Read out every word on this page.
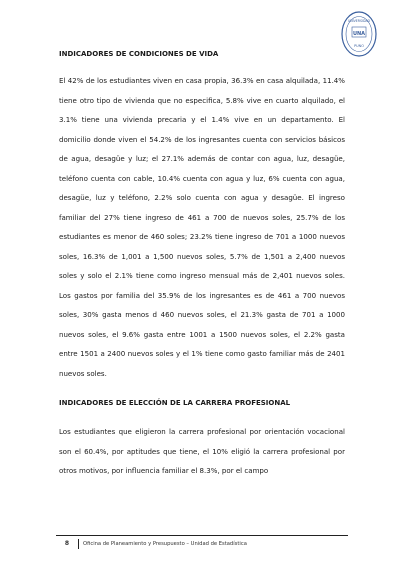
UNIVERSIDAD
UNA
PUNO

INDICADORES DE CONDICIONES DE VIDA

El 42% de los estudiantes viven en casa propia, 36.3% en casa alquilada, 11.4% tiene otro tipo de vivienda que no especifica, 5.8% vive en cuarto alquilado, el 3.1% tiene una vivienda precaria y el 1.4% vive en un departamento. El domicilio donde viven el 54.2% de los ingresantes cuenta con servicios básicos de agua, desagüe y luz; el 27.1% además de contar con agua, luz, desagüe, teléfono cuenta con cable, 10.4% cuenta con agua y luz, 6% cuenta con agua, desagüe, luz y teléfono, 2.2% solo cuenta con agua y desagüe. El ingreso familiar del 27% tiene ingreso de 461 a 700 de nuevos soles, 25.7% de los estudiantes es menor de 460 soles; 23.2% tiene ingreso de 701 a 1000 nuevos soles, 16.3% de 1,001 a 1,500 nuevos soles, 5.7% de 1,501 a 2,400 nuevos soles y solo el 2.1% tiene como ingreso mensual más de 2,401 nuevos soles. Los gastos por familia del 35.9% de los ingresantes es de 461 a 700 nuevos soles, 30% gasta menos d 460 nuevos soles, el 21.3% gasta de 701 a 1000 nuevos soles, el 9.6% gasta entre 1001 a 1500 nuevos soles, el 2.2% gasta entre 1501 a 2400 nuevos soles y el 1% tiene como gasto familiar más de 2401 nuevos soles.

INDICADORES DE ELECCIÓN DE LA CARRERA PROFESIONAL

Los estudiantes que eligieron la carrera profesional por orientación vocacional son el 60.4%, por aptitudes que tiene, el 10% eligió la carrera profesional por otros motivos, por influencia familiar el 8.3%, por el campo

8	Oficina de Planeamiento y Presupuesto – Unidad de Estadística
